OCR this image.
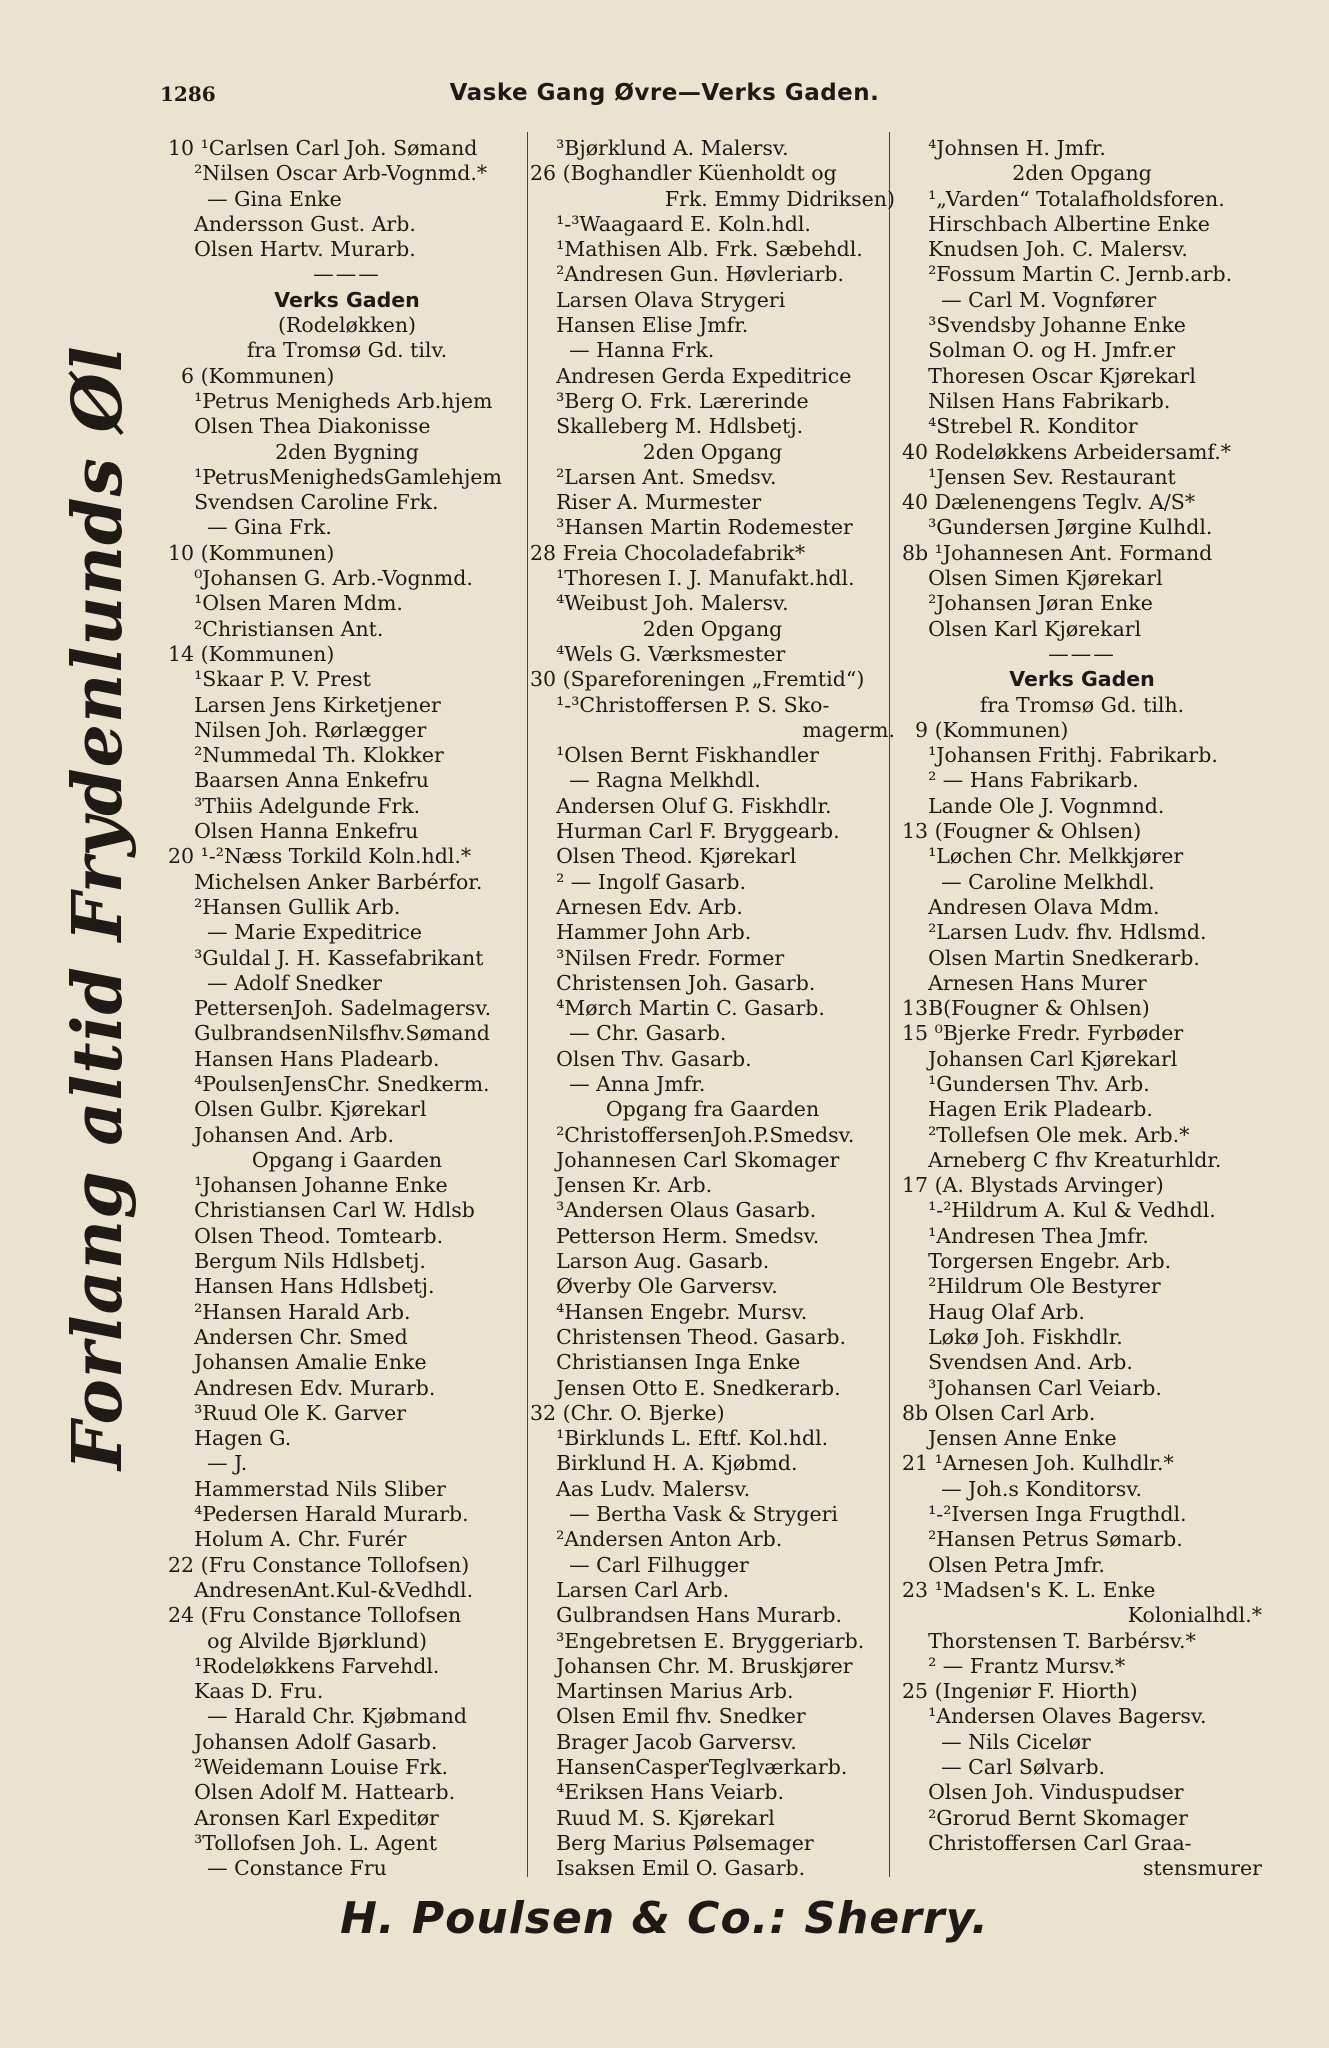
1286	Vaske Gang Øvre—Verks Gaden.
Forlang altid Frydenlunds Øl
10 ¹Carlsen Carl Joh. Sømand
²Nilsen Oscar Arb-Vognmd.*
— Gina Enke
Andersson Gust. Arb.
Olsen Hartv. Murarb.
———
Verks Gaden
(Rodeløkken)
fra Tromsø Gd. tilv.
6 (Kommunen)
¹Petrus Menigheds Arb.hjem
Olsen Thea Diakonisse
2den Bygning
¹PetrusMenighedsGamlehjem
Svendsen Caroline Frk.
— Gina Frk.
10 (Kommunen)
⁰Johansen G. Arb.-Vognmd.
¹Olsen Maren Mdm.
²Christiansen Ant.
14 (Kommunen)
¹Skaar P. V. Prest
Larsen Jens Kirketjener
Nilsen Joh. Rørlægger
²Nummedal Th. Klokker
Baarsen Anna Enkefru
³Thiis Adelgunde Frk.
Olsen Hanna Enkefru
20 ¹-²Næss Torkild Koln.hdl.*
Michelsen Anker Barbérfor.
²Hansen Gullik Arb.
— Marie Expeditrice
³Guldal J. H. Kassefabrikant
— Adolf Snedker
PettersenJoh. Sadelmagersv.
GulbrandsenNilsfhv.Sømand
Hansen Hans Pladearb.
⁴PoulsenJensChr. Snedkerm.
Olsen Gulbr. Kjørekarl
Johansen And. Arb.
Opgang i Gaarden
¹Johansen Johanne Enke
Christiansen Carl W. Hdlsb
Olsen Theod. Tomtearb.
Bergum Nils Hdlsbetj.
Hansen Hans Hdlsbetj.
²Hansen Harald Arb.
Andersen Chr. Smed
Johansen Amalie Enke
Andresen Edv. Murarb.
³Ruud Ole K. Garver
Hagen G.
— J.
Hammerstad Nils Sliber
⁴Pedersen Harald Murarb.
Holum A. Chr. Furér
22 (Fru Constance Tollofsen)
AndresenAnt.Kul-&Vedhdl.
24 (Fru Constance Tollofsen
og Alvilde Bjørklund)
¹Rodeløkkens Farvehdl.
Kaas D. Fru.
— Harald Chr. Kjøbmand
Johansen Adolf Gasarb.
²Weidemann Louise Frk.
Olsen Adolf M. Hattearb.
Aronsen Karl Expeditør
³Tollofsen Joh. L. Agent
— Constance Fru
³Bjørklund A. Malersv.
26 (Boghandler Küenholdt og
Frk. Emmy Didriksen)
¹-³Waagaard E. Koln.hdl.
¹Mathisen Alb. Frk. Sæbehdl.
²Andresen Gun. Høvleriarb.
Larsen Olava Strygeri
Hansen Elise Jmfr.
— Hanna Frk.
Andresen Gerda Expeditrice
³Berg O. Frk. Lærerinde
Skalleberg M. Hdlsbetj.
2den Opgang
²Larsen Ant. Smedsv.
Riser A. Murmester
³Hansen Martin Rodemester
28 Freia Chocoladefabrik*
¹Thoresen I. J. Manufakt.hdl.
⁴Weibust Joh. Malersv.
2den Opgang
⁴Wels G. Værksmester
30 (Spareforeningen „Fremtid“)
¹-³Christoffersen P. S. Sko-
magerm.
¹Olsen Bernt Fiskhandler
— Ragna Melkhdl.
Andersen Oluf G. Fiskhdlr.
Hurman Carl F. Bryggearb.
Olsen Theod. Kjørekarl
² — Ingolf Gasarb.
Arnesen Edv. Arb.
Hammer John Arb.
³Nilsen Fredr. Former
Christensen Joh. Gasarb.
⁴Mørch Martin C. Gasarb.
— Chr. Gasarb.
Olsen Thv. Gasarb.
— Anna Jmfr.
Opgang fra Gaarden
²ChristoffersenJoh.P.Smedsv.
Johannesen Carl Skomager
Jensen Kr. Arb.
³Andersen Olaus Gasarb.
Petterson Herm. Smedsv.
Larson Aug. Gasarb.
Øverby Ole Garversv.
⁴Hansen Engebr. Mursv.
Christensen Theod. Gasarb.
Christiansen Inga Enke
Jensen Otto E. Snedkerarb.
32 (Chr. O. Bjerke)
¹Birklunds L. Eftf. Kol.hdl.
Birklund H. A. Kjøbmd.
Aas Ludv. Malersv.
— Bertha Vask & Strygeri
²Andersen Anton Arb.
— Carl Filhugger
Larsen Carl Arb.
Gulbrandsen Hans Murarb.
³Engebretsen E. Bryggeriarb.
Johansen Chr. M. Bruskjører
Martinsen Marius Arb.
Olsen Emil fhv. Snedker
Brager Jacob Garversv.
HansenCasperTeglværkarb.
⁴Eriksen Hans Veiarb.
Ruud M. S. Kjørekarl
Berg Marius Pølsemager
Isaksen Emil O. Gasarb.
⁴Johnsen H. Jmfr.
2den Opgang
¹„Varden“ Totalafholdsforen.
Hirschbach Albertine Enke
Knudsen Joh. C. Malersv.
²Fossum Martin C. Jernb.arb.
— Carl M. Vognfører
³Svendsby Johanne Enke
Solman O. og H. Jmfr.er
Thoresen Oscar Kjørekarl
Nilsen Hans Fabrikarb.
⁴Strebel R. Konditor
40 Rodeløkkens Arbeidersamf.*
¹Jensen Sev. Restaurant
40 Dælenengens Teglv. A/S*
³Gundersen Jørgine Kulhdl.
8b ¹Johannesen Ant. Formand
Olsen Simen Kjørekarl
²Johansen Jøran Enke
Olsen Karl Kjørekarl
———
Verks Gaden
fra Tromsø Gd. tilh.
9 (Kommunen)
¹Johansen Frithj. Fabrikarb.
² — Hans Fabrikarb.
Lande Ole J. Vognmnd.
13 (Fougner & Ohlsen)
¹Løchen Chr. Melkkjører
— Caroline Melkhdl.
Andresen Olava Mdm.
²Larsen Ludv. fhv. Hdlsmd.
Olsen Martin Snedkerarb.
Arnesen Hans Murer
13B(Fougner & Ohlsen)
15 ⁰Bjerke Fredr. Fyrbøder
Johansen Carl Kjørekarl
¹Gundersen Thv. Arb.
Hagen Erik Pladearb.
²Tollefsen Ole mek. Arb.*
Arneberg C fhv Kreaturhldr.
17 (A. Blystads Arvinger)
¹-²Hildrum A. Kul & Vedhdl.
¹Andresen Thea Jmfr.
Torgersen Engebr. Arb.
²Hildrum Ole Bestyrer
Haug Olaf Arb.
Løkø Joh. Fiskhdlr.
Svendsen And. Arb.
³Johansen Carl Veiarb.
8b Olsen Carl Arb.
Jensen Anne Enke
21 ¹Arnesen Joh. Kulhdlr.*
— Joh.s Konditorsv.
¹-²Iversen Inga Frugthdl.
²Hansen Petrus Sømarb.
Olsen Petra Jmfr.
23 ¹Madsen's K. L. Enke
Kolonialhdl.*
Thorstensen T. Barbérsv.*
² — Frantz Mursv.*
25 (Ingeniør F. Hiorth)
¹Andersen Olaves Bagersv.
— Nils Cicelør
— Carl Sølvarb.
Olsen Joh. Vinduspudser
²Grorud Bernt Skomager
Christoffersen Carl Graa-
stensmurer
H. Poulsen & Co.: Sherry.
